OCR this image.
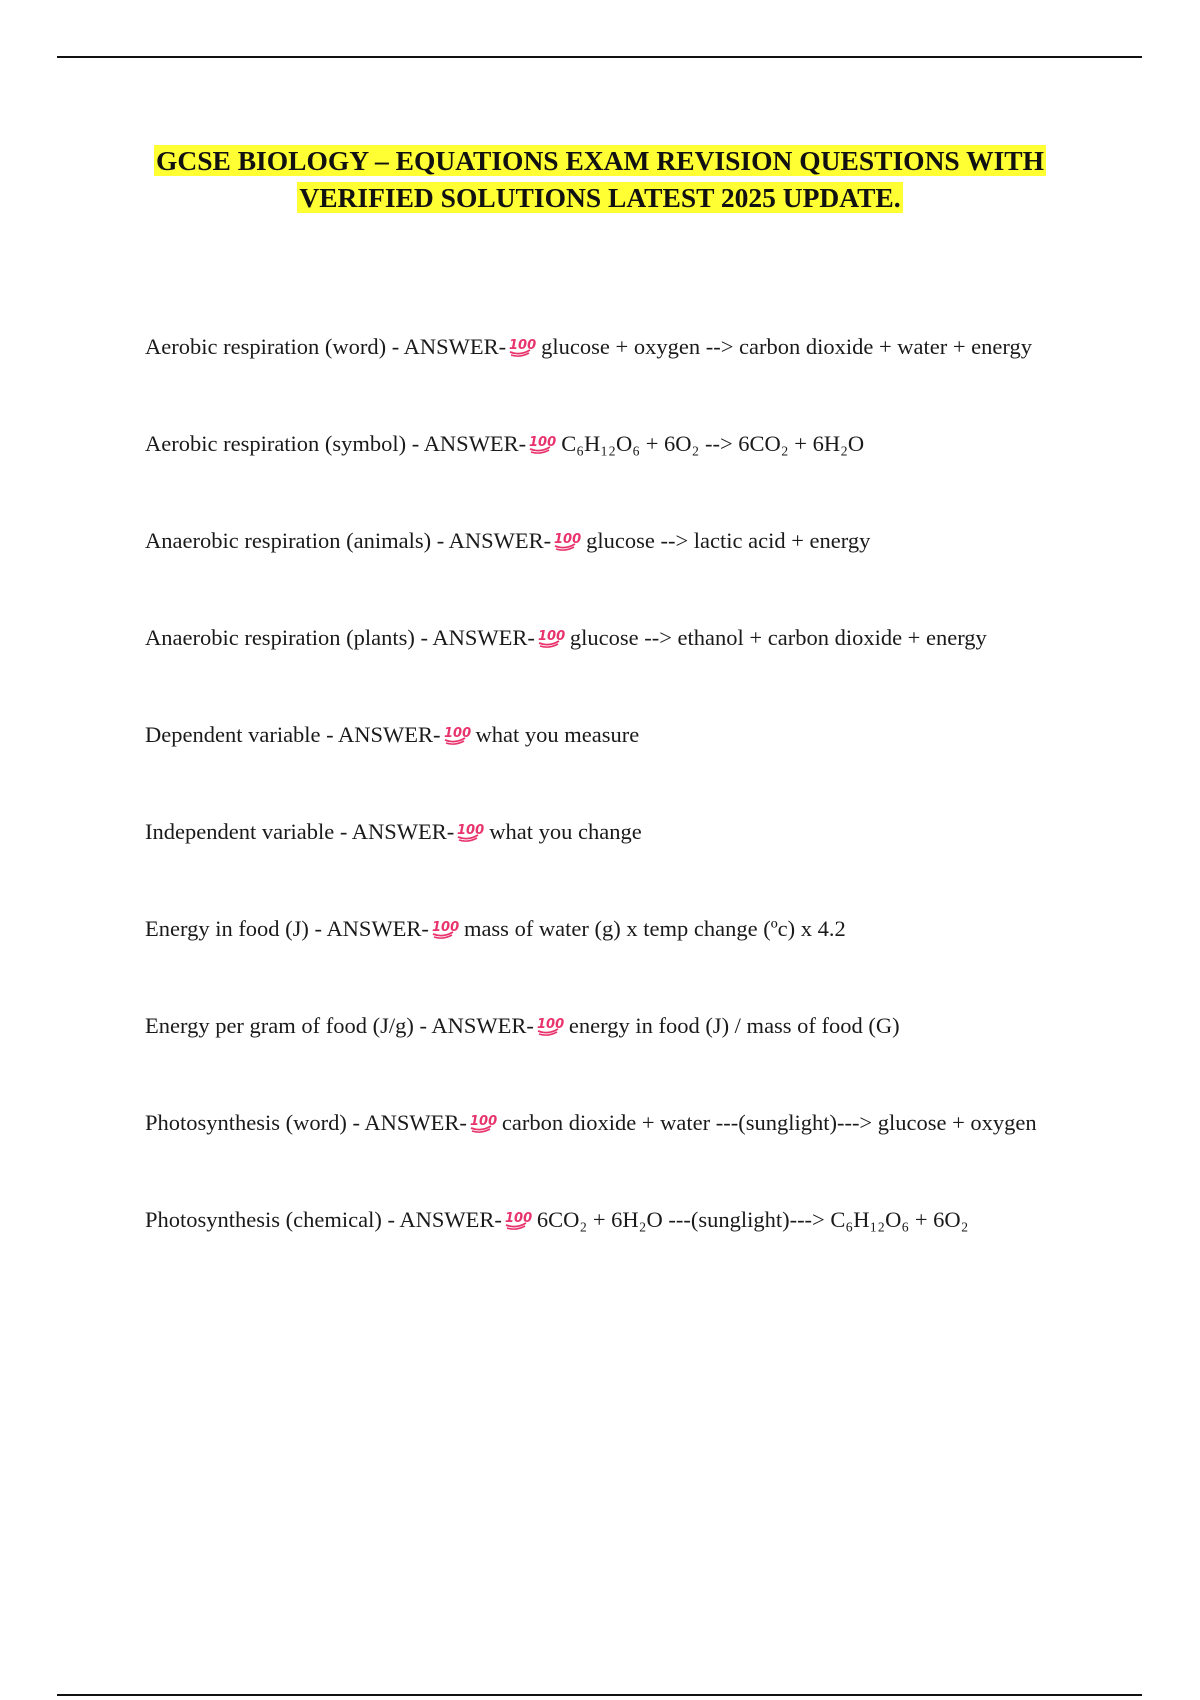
GCSE BIOLOGY – EQUATIONS EXAM REVISION QUESTIONS WITH
VERIFIED SOLUTIONS LATEST 2025 UPDATE.
Aerobic respiration (word) - ANSWER- 100 glucose + oxygen --> carbon dioxide + water + energy
Aerobic respiration (symbol) - ANSWER- 100 C₆H₁₂O₆ + 6O₂ --> 6CO₂ + 6H₂O
Anaerobic respiration (animals) - ANSWER- 100 glucose --> lactic acid + energy
Anaerobic respiration (plants) - ANSWER- 100 glucose --> ethanol + carbon dioxide + energy
Dependent variable - ANSWER- 100 what you measure
Independent variable - ANSWER- 100 what you change
Energy in food (J) - ANSWER- 100 mass of water (g) x temp change (ºc) x 4.2
Energy per gram of food (J/g) - ANSWER- 100 energy in food (J) / mass of food (G)
Photosynthesis (word) - ANSWER- 100 carbon dioxide + water ---(sunglight)---> glucose + oxygen
Photosynthesis (chemical) - ANSWER- 100 6CO₂ + 6H₂O ---(sunglight)---> C₆H₁₂O₆ + 6O₂
